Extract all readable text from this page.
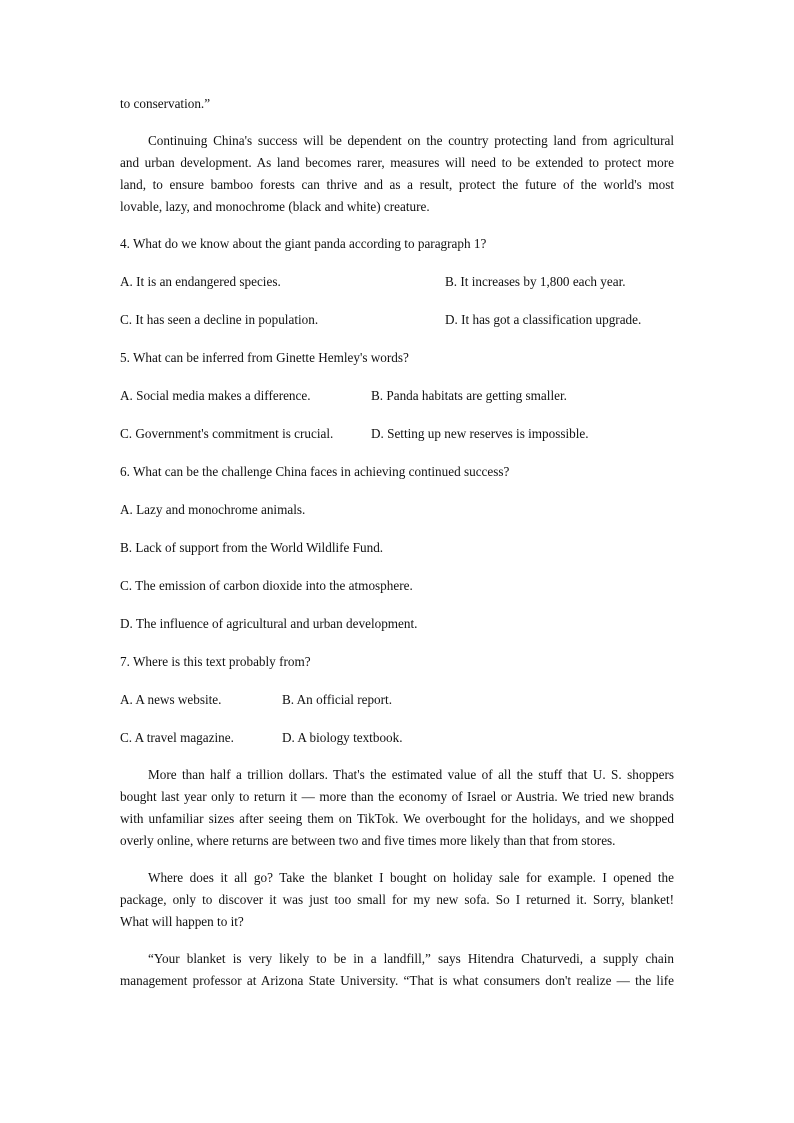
to conservation.”
Continuing China's success will be dependent on the country protecting land from agricultural
and urban development. As land becomes rarer, measures will need to be extended to protect more
land, to ensure bamboo forests can thrive and as a result, protect the future of the world's most
lovable, lazy, and monochrome (black and white) creature.
4. What do we know about the giant panda according to paragraph 1?
A. It is an endangered species.	B. It increases by 1,800 each year.
C. It has seen a decline in population.	D. It has got a classification upgrade.
5. What can be inferred from Ginette Hemley's words?
A. Social media makes a difference.	B. Panda habitats are getting smaller.
C. Government's commitment is crucial.	D. Setting up new reserves is impossible.
6. What can be the challenge China faces in achieving continued success?
A. Lazy and monochrome animals.
B. Lack of support from the World Wildlife Fund.
C. The emission of carbon dioxide into the atmosphere.
D. The influence of agricultural and urban development.
7. Where is this text probably from?
A. A news website.	B. An official report.
C. A travel magazine.	D. A biology textbook.
More than half a trillion dollars. That's the estimated value of all the stuff that U. S. shoppers
bought last year only to return it — more than the economy of Israel or Austria. We tried new brands
with unfamiliar sizes after seeing them on TikTok. We overbought for the holidays, and we shopped
overly online, where returns are between two and five times more likely than that from stores.
Where does it all go? Take the blanket I bought on holiday sale for example. I opened the
package, only to discover it was just too small for my new sofa. So I returned it. Sorry, blanket!
What will happen to it?
“Your blanket is very likely to be in a landfill,” says Hitendra Chaturvedi, a supply chain
management professor at Arizona State University. “That is what consumers don't realize — the life
